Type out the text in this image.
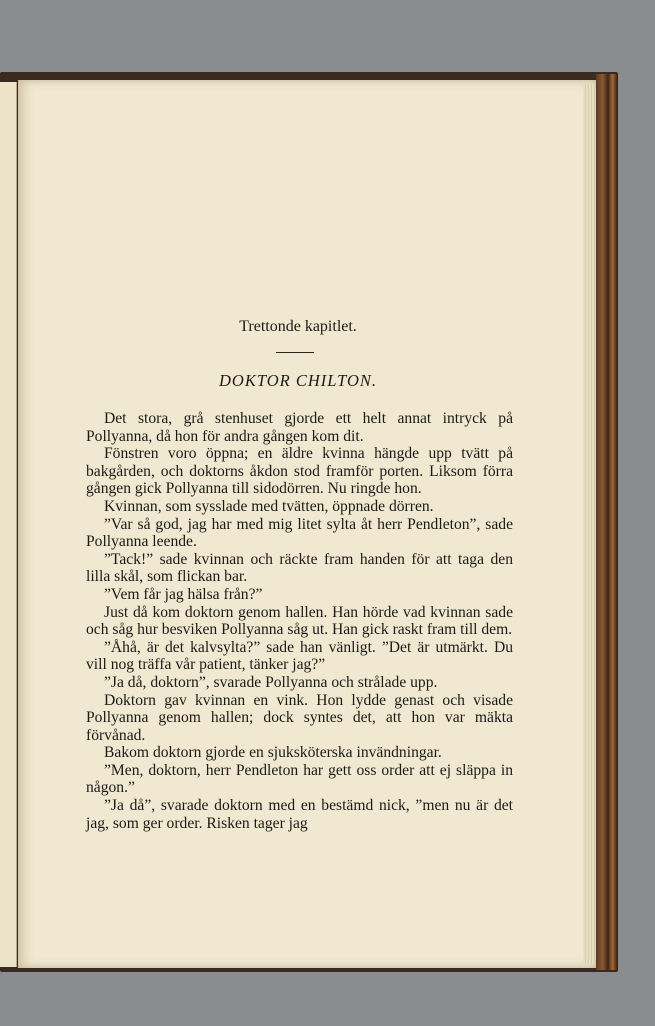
Trettonde kapitlet.
DOKTOR CHILTON.

Det stora, grå stenhuset gjorde ett helt annat intryck på Pollyanna, då hon för andra gången kom dit.

Fönstren voro öppna; en äldre kvinna hängde upp tvätt på bakgården, och doktorns åkdon stod framför porten. Liksom förra gången gick Pollyanna till sidodörren. Nu ringde hon.

Kvinnan, som sysslade med tvätten, öppnade dörren.

”Var så god, jag har med mig litet sylta åt herr Pendleton”, sade Pollyanna leende.

”Tack!” sade kvinnan och räckte fram handen för att taga den lilla skål, som flickan bar.

”Vem får jag hälsa från?”

Just då kom doktorn genom hallen. Han hörde vad kvinnan sade och såg hur besviken Pollyanna såg ut. Han gick raskt fram till dem.

”Åhå, är det kalvsylta?” sade han vänligt. ”Det är utmärkt. Du vill nog träffa vår patient, tänker jag?”

”Ja då, doktorn”, svarade Pollyanna och strålade upp.

Doktorn gav kvinnan en vink. Hon lydde genast och visade Pollyanna genom hallen; dock syntes det, att hon var mäkta förvånad.

Bakom doktorn gjorde en sjuksköterska invändningar.

”Men, doktorn, herr Pendleton har gett oss order att ej släppa in någon.”

”Ja då”, svarade doktorn med en bestämd nick, ”men nu är det jag, som ger order. Risken tager jag
